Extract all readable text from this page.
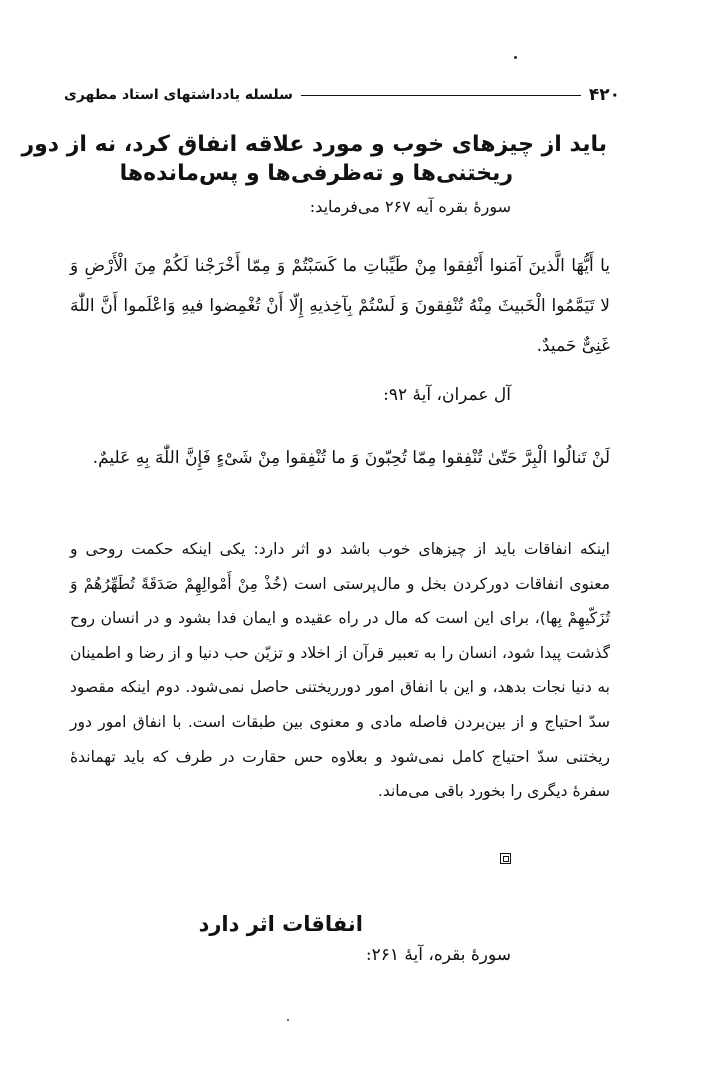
۴۲۰
سلسله یادداشتهای استاد مطهری
باید از چیزهای خوب و مورد علاقه انفاق کرد، نه از دور
ریختنی‌ها و ته‌ظرفی‌ها و پس‌مانده‌ها
سورۀ بقره آیه ۲۶۷ می‌فرماید:
یا أَیُّهَا الَّذینَ آمَنوا أَنْفِقوا مِنْ طَیِّباتِ ما کَسَبْتُمْ وَ مِمّا أَخْرَجْنا لَکُمْ مِنَ الْأَرْضِ وَ لا تَیَمَّمُوا الْخَبیثَ مِنْهُ تُنْفِقونَ وَ لَسْتُمْ بِآخِذیهِ إِلّا أَنْ تُغْمِضوا فیهِ وَاعْلَموا أَنَّ اللّٰهَ غَنِیٌّ حَمیدٌ.
آل عمران، آیۀ ۹۲:
لَنْ تَنالُوا الْبِرَّ حَتّیٰ تُنْفِقوا مِمّا تُحِبّونَ وَ ما تُنْفِقوا مِنْ شَیْءٍ فَإِنَّ اللّٰهَ بِهِ عَلیمٌ.
اینکه انفاقات باید از چیزهای خوب باشد دو اثر دارد: یکی اینکه حکمت روحی و معنوی انفاقات دورکردن بخل و مال‌پرستی است (خُذْ مِنْ أَمْوالِهِمْ صَدَقَةً تُطَهِّرُهُمْ وَ تُزَکّیهِمْ بِها)، برای این است که مال در راه عقیده و ایمان فدا بشود و در انسان روح گذشت پیدا شود، انسان را به تعبیر قرآن از اخلاد و تزیّن حب دنیا و از رضا و اطمینان به دنیا نجات بدهد، و این با انفاق امور دورریختنی حاصل نمی‌شود. دوم اینکه مقصود سدّ احتیاج و از بین‌بردن فاصله مادی و معنوی بین طبقات است. با انفاق امور دور ریختنی سدّ احتیاج کامل نمی‌شود و بعلاوه حس حقارت در طرف که باید تهماندۀ سفرۀ دیگری را بخورد باقی می‌ماند.
انفاقات اثر دارد
سورۀ بقره، آیۀ ۲۶۱:
